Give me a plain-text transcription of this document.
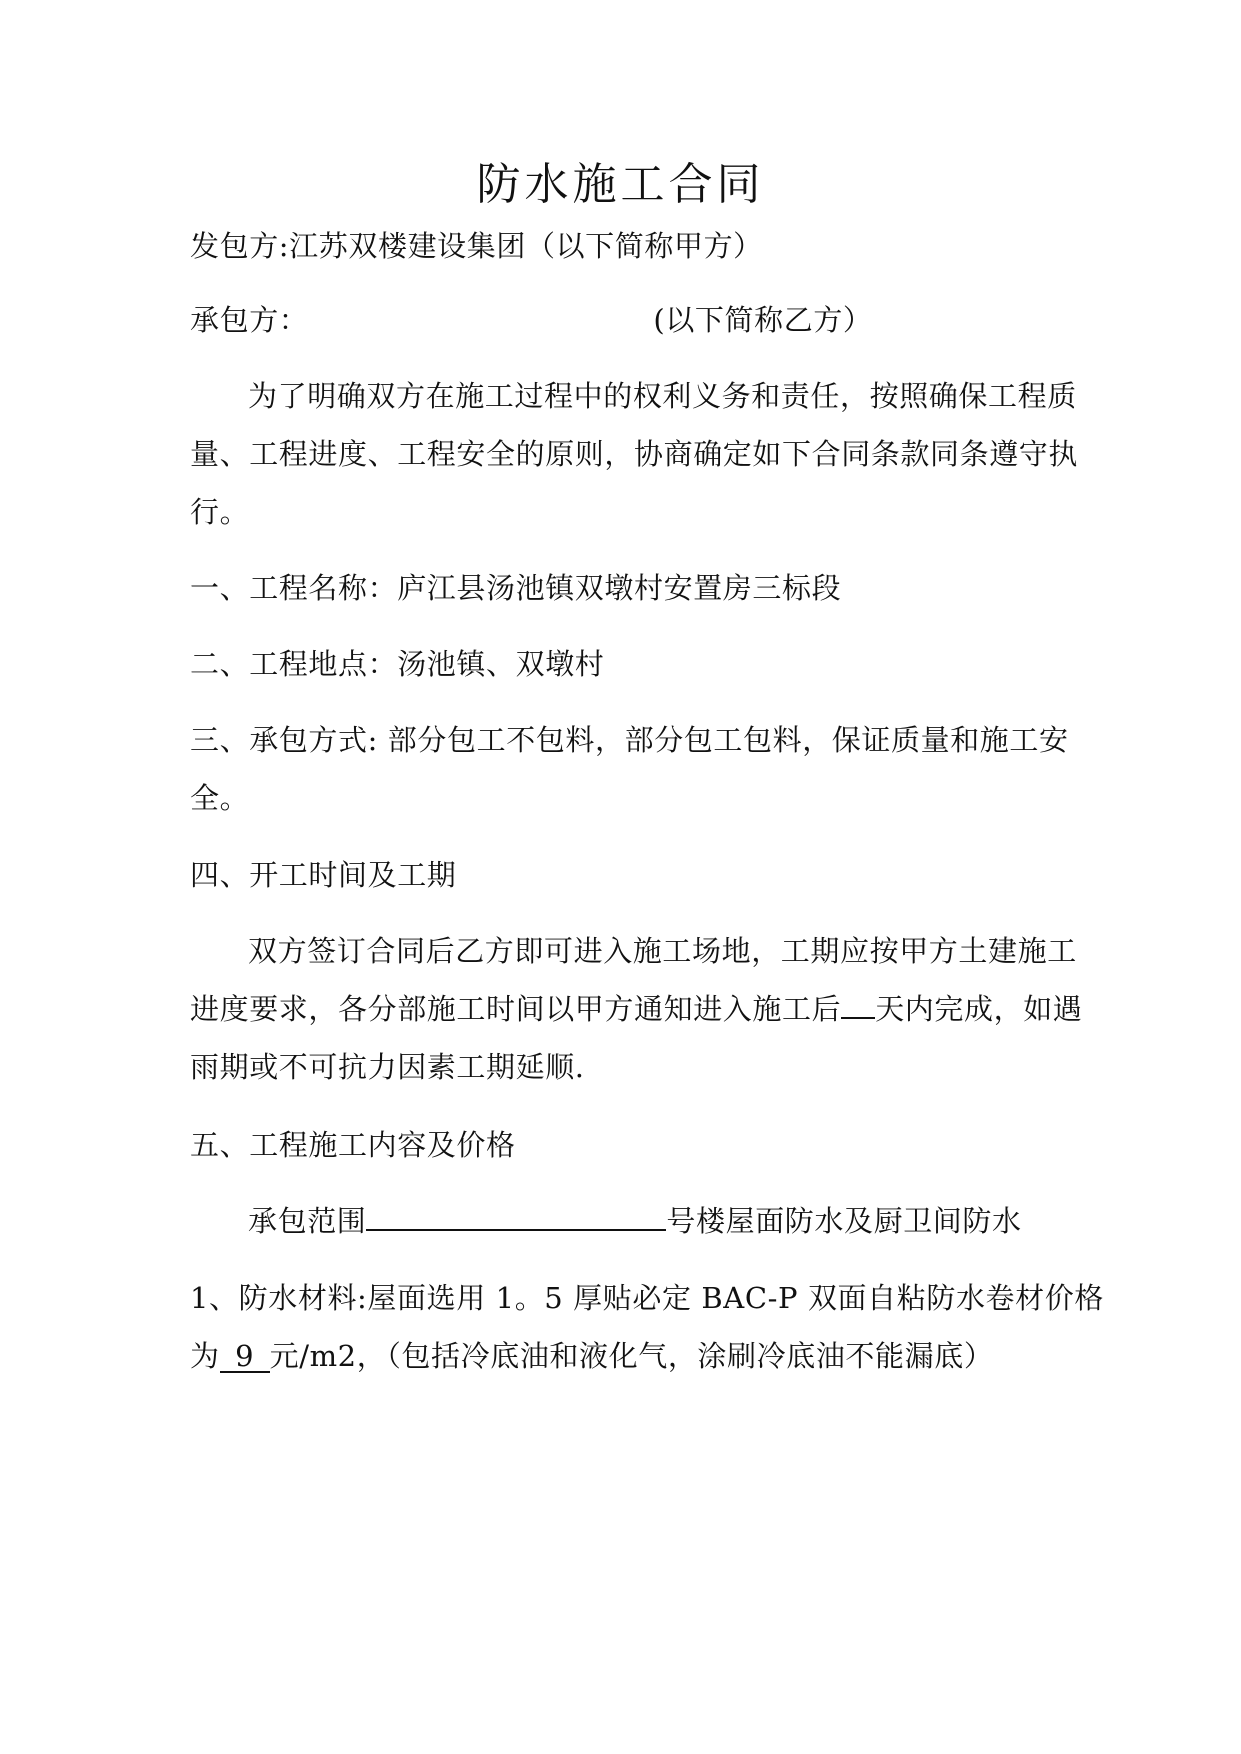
防水施工合同
发包方:江苏双楼建设集团（以下简称甲方）
承包方：	(以下简称乙方）
为了明确双方在施工过程中的权利义务和责任，按照确保工程质
量、工程进度、工程安全的原则，协商确定如下合同条款同条遵守执
行。
一、工程名称：庐江县汤池镇双墩村安置房三标段
二、工程地点：汤池镇、双墩村
三、承包方式: 部分包工不包料，部分包工包料，保证质量和施工安
全。
四、开工时间及工期
双方签订合同后乙方即可进入施工场地，工期应按甲方土建施工
进度要求，各分部施工时间以甲方通知进入施工后 天内完成，如遇
雨期或不可抗力因素工期延顺.
五、工程施工内容及价格
承包范围	号楼屋面防水及厨卫间防水
1、防水材料:屋面选用 1。5 厚贴必定 BAC-P 双面自粘防水卷材价格
为 9 元/m2，（包括冷底油和液化气，涂刷冷底油不能漏底）
